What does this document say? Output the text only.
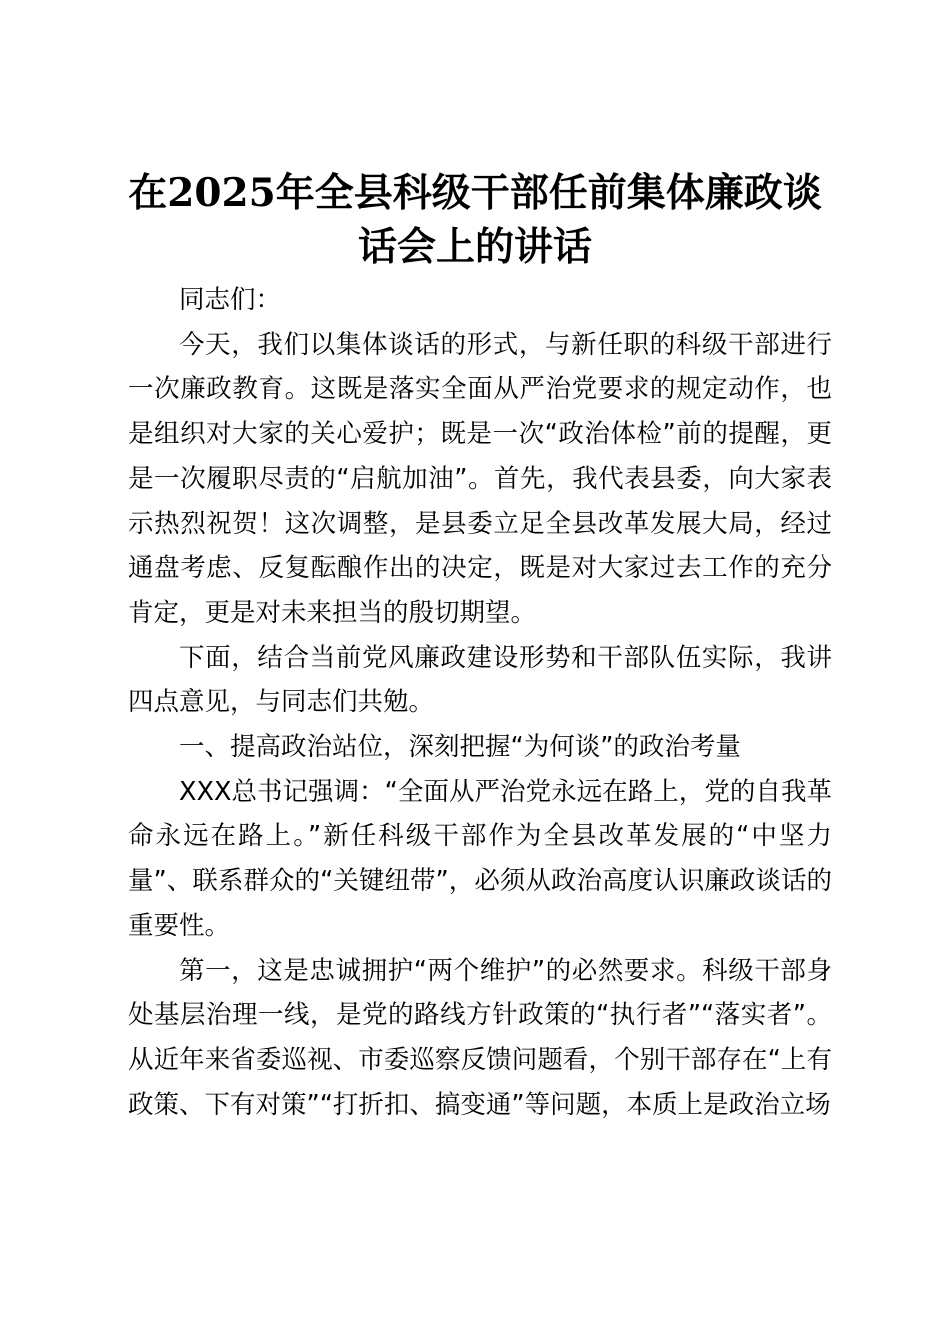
在2025年全县科级干部任前集体廉政谈话会上的讲话

同志们：

今天，我们以集体谈话的形式，与新任职的科级干部进行一次廉政教育。这既是落实全面从严治党要求的规定动作，也是组织对大家的关心爱护；既是一次“政治体检”前的提醒，更是一次履职尽责的“启航加油”。首先，我代表县委，向大家表示热烈祝贺！这次调整，是县委立足全县改革发展大局，经过通盘考虑、反复酝酿作出的决定，既是对大家过去工作的充分肯定，更是对未来担当的殷切期望。

下面，结合当前党风廉政建设形势和干部队伍实际，我讲四点意见，与同志们共勉。

一、提高政治站位，深刻把握“为何谈”的政治考量

XXX总书记强调：“全面从严治党永远在路上，党的自我革命永远在路上。”新任科级干部作为全县改革发展的“中坚力量”、联系群众的“关键纽带”，必须从政治高度认识廉政谈话的重要性。

第一，这是忠诚拥护“两个维护”的必然要求。科级干部身处基层治理一线，是党的路线方针政策的“执行者”“落实者”。从近年来省委巡视、市委巡察反馈问题看，个别干部存在“上有政策、下有对策”“打折扣、搞变通”等问题，本质上是政治立场
